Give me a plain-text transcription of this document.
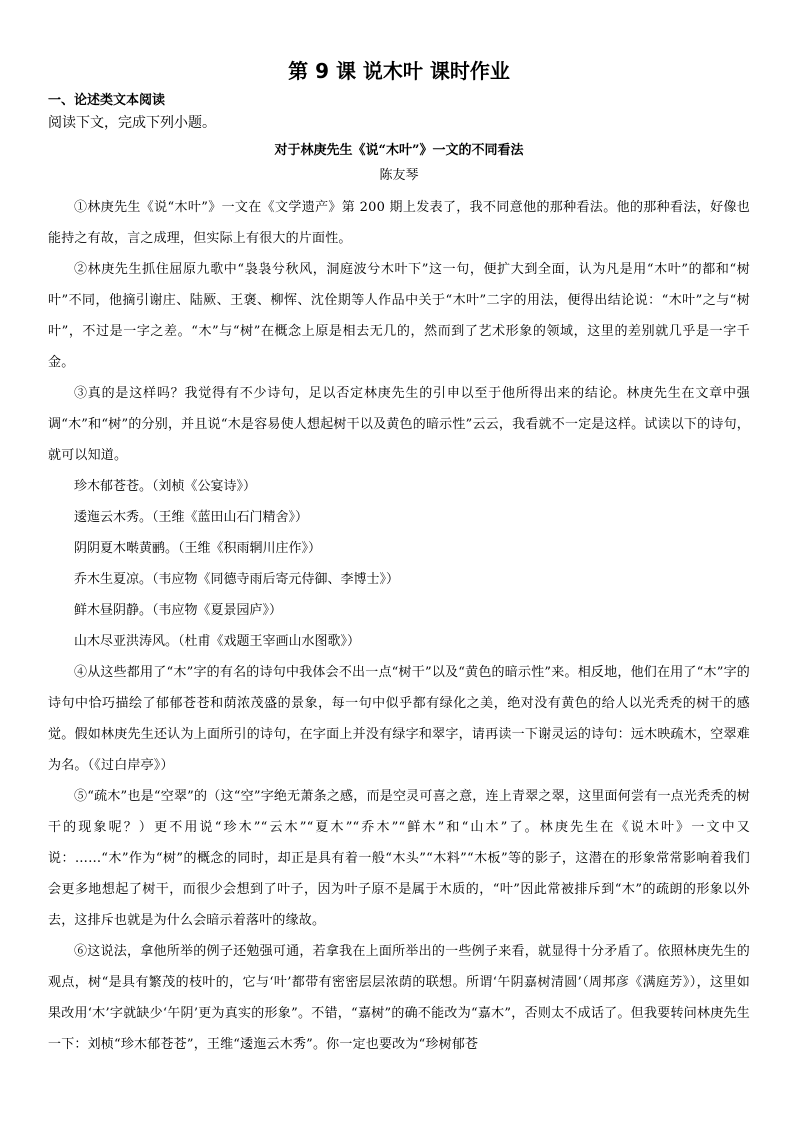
第 9 课 说木叶 课时作业

一、论述类文本阅读

阅读下文，完成下列小题。

对于林庚先生《说“木叶”》一文的不同看法

陈友琴

①林庚先生《说“木叶”》一文在《文学遗产》第 200 期上发表了，我不同意他的那种看法。他的那种看法，好像也能持之有故，言之成理，但实际上有很大的片面性。

②林庚先生抓住屈原九歌中“袅袅兮秋风，洞庭波兮木叶下”这一句，便扩大到全面，认为凡是用“木叶”的都和“树叶”不同，他摘引谢庄、陆厥、王褒、柳恽、沈佺期等人作品中关于“木叶”二字的用法，便得出结论说：“木叶”之与“树叶”，不过是一字之差。“木”与“树”在概念上原是相去无几的，然而到了艺术形象的领域，这里的差别就几乎是一字千金。

③真的是这样吗？我觉得有不少诗句，足以否定林庚先生的引申以至于他所得出来的结论。林庚先生在文章中强调“木”和“树”的分别，并且说“木是容易使人想起树干以及黄色的暗示性”云云，我看就不一定是这样。试读以下的诗句，就可以知道。

珍木郁苍苍。（刘桢《公宴诗》）

逶迤云木秀。（王维《蓝田山石门精舍》）

阴阴夏木啭黄鹂。（王维《积雨辋川庄作》）

乔木生夏凉。（韦应物《同德寺雨后寄元侍御、李博士》）

鲜木昼阴静。（韦应物《夏景园庐》）

山木尽亚洪涛风。（杜甫《戏题王宰画山水图歌》）

④从这些都用了“木”字的有名的诗句中我体会不出一点“树干”以及“黄色的暗示性”来。相反地，他们在用了“木”字的诗句中恰巧描绘了郁郁苍苍和荫浓茂盛的景象，每一句中似乎都有绿化之美，绝对没有黄色的给人以光秃秃的树干的感觉。假如林庚先生还认为上面所引的诗句，在字面上并没有绿字和翠字，请再读一下谢灵运的诗句：远木映疏木，空翠难为名。（《过白岸亭》）

⑤“疏木”也是“空翠”的（这“空”字绝无萧条之感，而是空灵可喜之意，连上青翠之翠，这里面何尝有一点光秃秃的树干的现象呢？）更不用说“珍木”“云木”“夏木”“乔木”“鲜木”和“山木”了。林庚先生在《说木叶》一文中又说：……“木”作为“树”的概念的同时，却正是具有着一般“木头”“木料”“木板”等的影子，这潜在的形象常常影响着我们会更多地想起了树干，而很少会想到了叶子，因为叶子原不是属于木质的，“叶”因此常被排斥到“木”的疏朗的形象以外去，这排斥也就是为什么会暗示着落叶的缘故。

⑥这说法，拿他所举的例子还勉强可通，若拿我在上面所举出的一些例子来看，就显得十分矛盾了。依照林庚先生的观点，树“是具有繁茂的枝叶的，它与‘叶’都带有密密层层浓荫的联想。所谓‘午阴嘉树清圆’（周邦彦《满庭芳》），这里如果改用‘木’字就缺少‘午阴’更为真实的形象”。不错，“嘉树”的确不能改为“嘉木”，否则太不成话了。但我要转问林庚先生一下：刘桢“珍木郁苍苍”，王维“逶迤云木秀”。你一定也要改为“珍树郁苍
